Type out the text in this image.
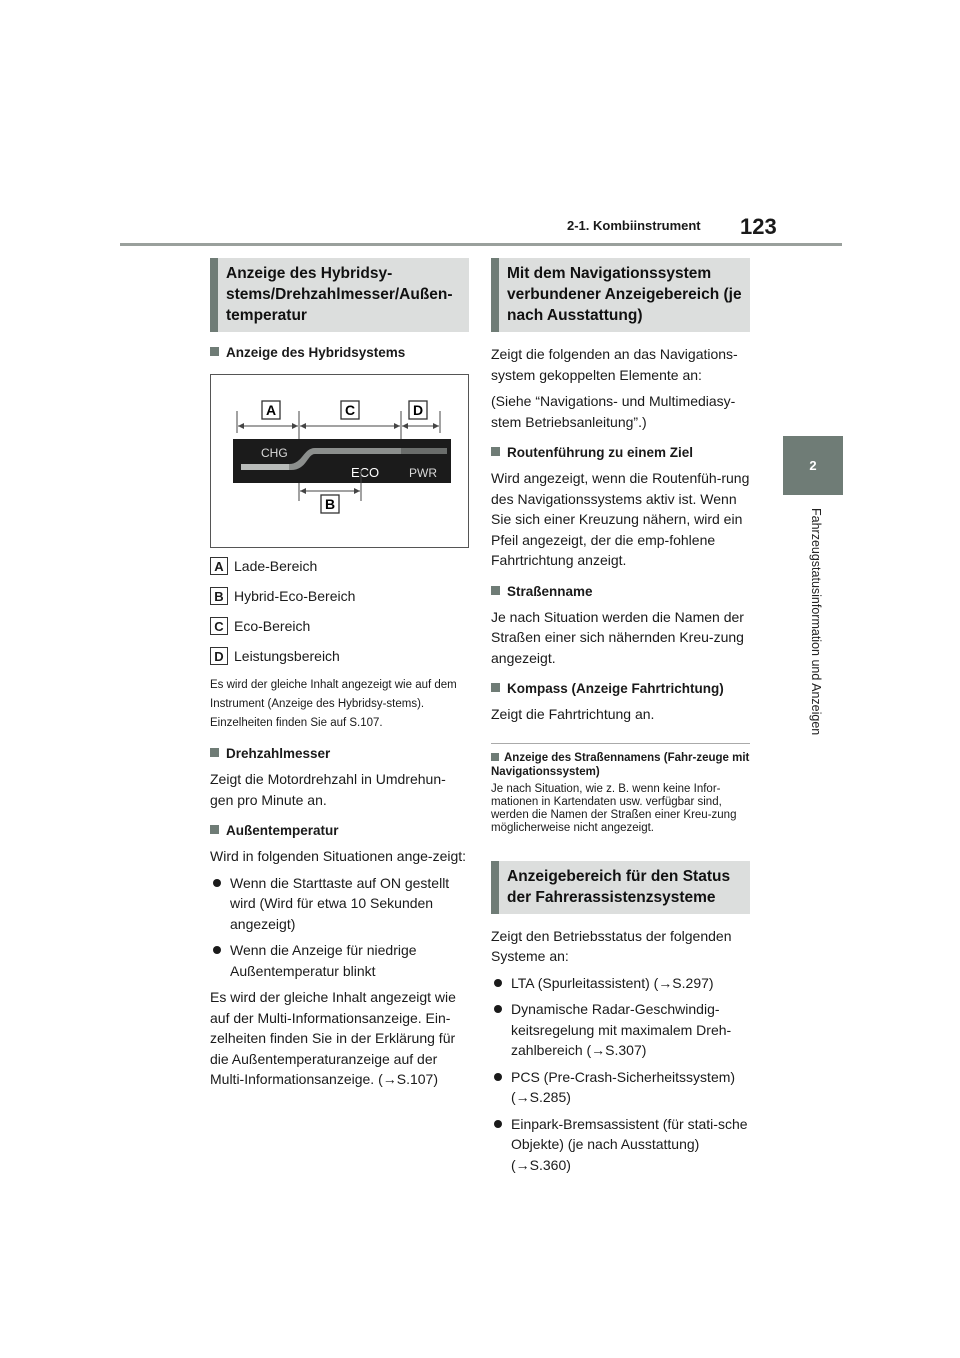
2-1. Kombiinstrument 123
2
Fahrzeugstatusinformation und Anzeigen
Anzeige des Hybridsy-
stems/Drehzahlmesser/Außen-
temperatur
Anzeige des Hybridsystems
A	C	D
CHG
ECO PWR
B
A Lade-Bereich
B Hybrid-Eco-Bereich
C Eco-Bereich
D Leistungsbereich

Es wird der gleiche Inhalt angezeigt wie auf dem Instrument (Anzeige des Hybridsy-stems). Einzelheiten finden Sie auf S.107.

Drehzahlmesser

Zeigt die Motordrehzahl in Umdrehun-gen pro Minute an.

Außentemperatur

Wird in folgenden Situationen ange-zeigt:

Wenn die Starttaste auf ON gestellt wird (Wird für etwa 10 Sekunden angezeigt)
Wenn die Anzeige für niedrige Außentemperatur blinkt

Es wird der gleiche Inhalt angezeigt wie auf der Multi-Informationsanzeige. Ein-zelheiten finden Sie in der Erklärung für die Außentemperaturanzeige auf der Multi-Informationsanzeige. (→S.107)

Mit dem Navigationssystem verbundener Anzeigebereich (je nach Ausstattung)

Zeigt die folgenden an das Navigations-system gekoppelten Elemente an:

(Siehe “Navigations- und Multimediasy-stem Betriebsanleitung”.)

Routenführung zu einem Ziel

Wird angezeigt, wenn die Routenfüh-rung des Navigationssystems aktiv ist. Wenn Sie sich einer Kreuzung nähern, wird ein Pfeil angezeigt, der die emp-fohlene Fahrtrichtung anzeigt.

Straßenname

Je nach Situation werden die Namen der Straßen einer sich nähernden Kreu-zung angezeigt.

Kompass (Anzeige Fahrtrichtung)

Zeigt die Fahrtrichtung an.

Anzeige des Straßennamens (Fahr-zeuge mit Navigationssystem)
Je nach Situation, wie z. B. wenn keine Infor-mationen in Kartendaten usw. verfügbar sind, werden die Namen der Straßen einer Kreu-zung möglicherweise nicht angezeigt.
Anzeigebereich für den Status der Fahrerassistenzsysteme

Zeigt den Betriebsstatus der folgenden Systeme an:

LTA (Spurleitassistent) (→S.297)
Dynamische Radar-Geschwindig-keitsregelung mit maximalem Dreh-zahlbereich (→S.307)
PCS (Pre-Crash-Sicherheitssystem) (→S.285)
Einpark-Bremsassistent (für stati-sche Objekte) (je nach Ausstattung) (→S.360)
